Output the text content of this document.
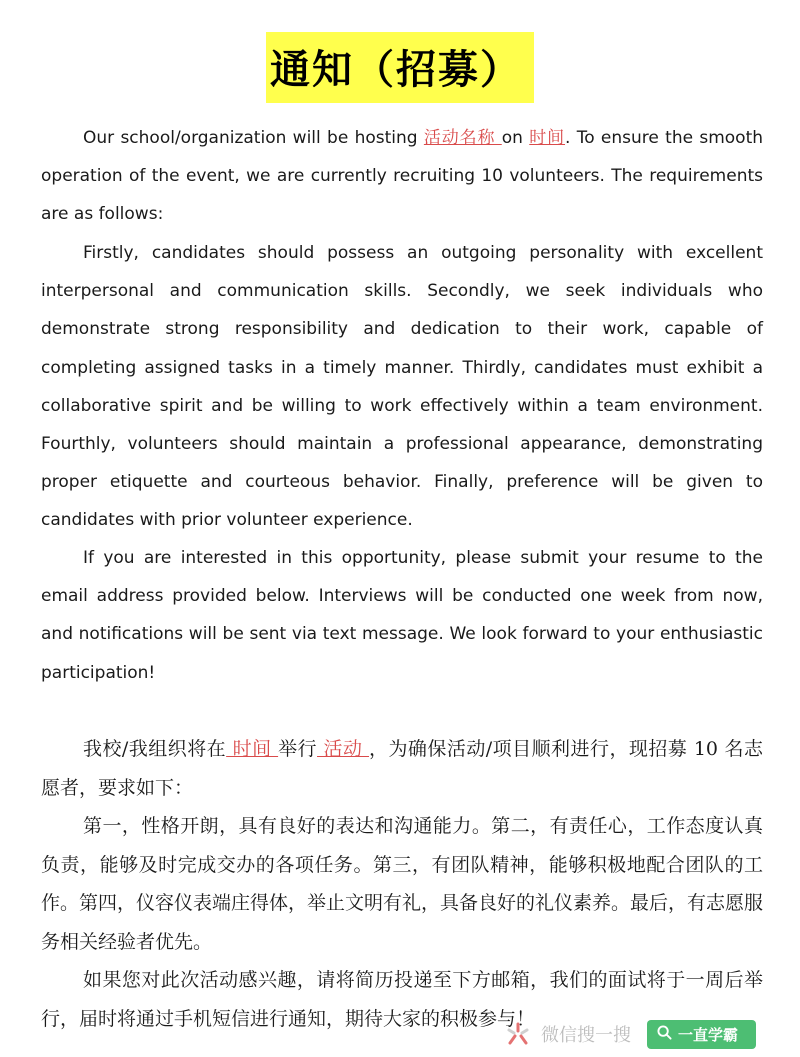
通知（招募）

Our school/organization will be hosting 活动名称 on 时间. To ensure the smooth operation of the event, we are currently recruiting 10 volunteers. The requirements are as follows:

Firstly, candidates should possess an outgoing personality with excellent interpersonal and communication skills. Secondly, we seek individuals who demonstrate strong responsibility and dedication to their work, capable of completing assigned tasks in a timely manner. Thirdly, candidates must exhibit a collaborative spirit and be willing to work effectively within a team environment. Fourthly, volunteers should maintain a professional appearance, demonstrating proper etiquette and courteous behavior. Finally, preference will be given to candidates with prior volunteer experience.

If you are interested in this opportunity, please submit your resume to the email address provided below. Interviews will be conducted one week from now, and notifications will be sent via text message. We look forward to your enthusiastic participation!

我校/我组织将在 时间 举行 活动 ，为确保活动/项目顺利进行，现招募 10 名志愿者，要求如下：

第一，性格开朗，具有良好的表达和沟通能力。第二，有责任心，工作态度认真负责，能够及时完成交办的各项任务。第三，有团队精神，能够积极地配合团队的工作。第四，仪容仪表端庄得体，举止文明有礼，具备良好的礼仪素养。最后，有志愿服务相关经验者优先。

如果您对此次活动感兴趣，请将简历投递至下方邮箱，我们的面试将于一周后举行，届时将通过手机短信进行通知，期待大家的积极参与！

微信搜一搜	一直学霸
